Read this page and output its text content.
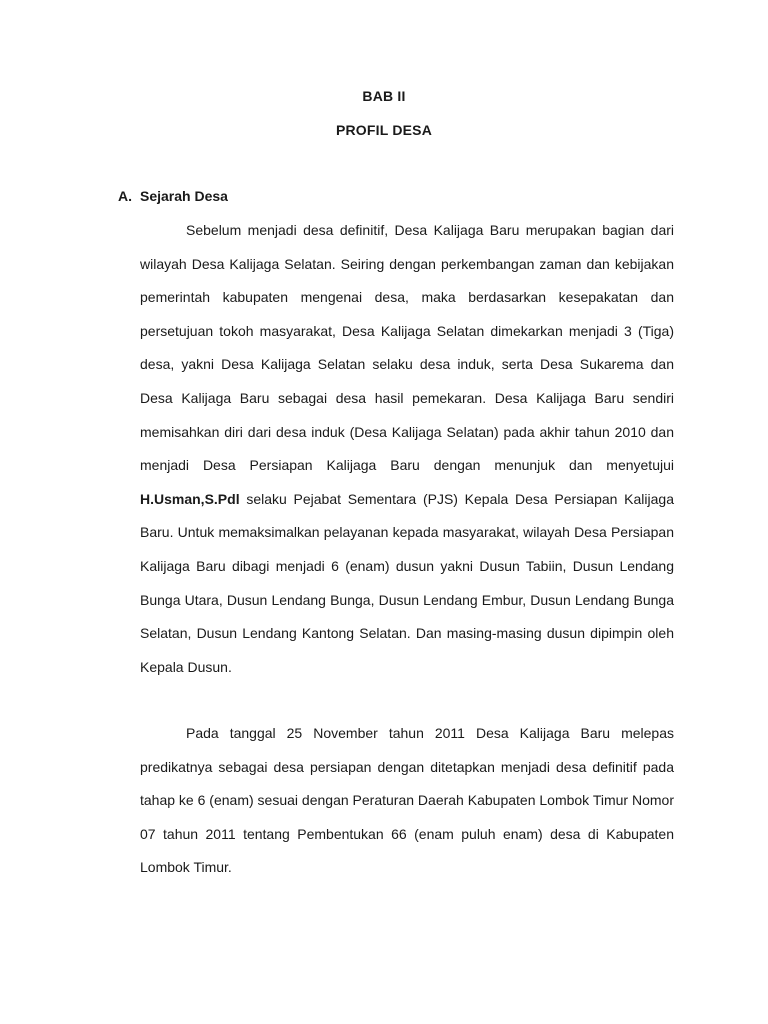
BAB II
PROFIL DESA
A. Sejarah Desa

Sebelum menjadi desa definitif, Desa Kalijaga Baru merupakan bagian dari wilayah Desa Kalijaga Selatan. Seiring dengan perkembangan zaman dan kebijakan pemerintah kabupaten mengenai desa, maka berdasarkan kesepakatan dan persetujuan tokoh masyarakat, Desa Kalijaga Selatan dimekarkan menjadi 3 (Tiga) desa, yakni Desa Kalijaga Selatan selaku desa induk, serta Desa Sukarema dan Desa Kalijaga Baru sebagai desa hasil pemekaran. Desa Kalijaga Baru sendiri memisahkan diri dari desa induk (Desa Kalijaga Selatan) pada akhir tahun 2010 dan menjadi Desa Persiapan Kalijaga Baru dengan menunjuk dan menyetujui H.Usman,S.Pdl selaku Pejabat Sementara (PJS) Kepala Desa Persiapan Kalijaga Baru. Untuk memaksimalkan pelayanan kepada masyarakat, wilayah Desa Persiapan Kalijaga Baru dibagi menjadi 6 (enam) dusun yakni Dusun Tabiin, Dusun Lendang Bunga Utara, Dusun Lendang Bunga, Dusun Lendang Embur, Dusun Lendang Bunga Selatan, Dusun Lendang Kantong Selatan. Dan masing-masing dusun dipimpin oleh Kepala Dusun.

Pada tanggal 25 November tahun 2011 Desa Kalijaga Baru melepas predikatnya sebagai desa persiapan dengan ditetapkan menjadi desa definitif pada tahap ke 6 (enam) sesuai dengan Peraturan Daerah Kabupaten Lombok Timur Nomor 07 tahun 2011 tentang Pembentukan 66 (enam puluh enam) desa di Kabupaten Lombok Timur.
